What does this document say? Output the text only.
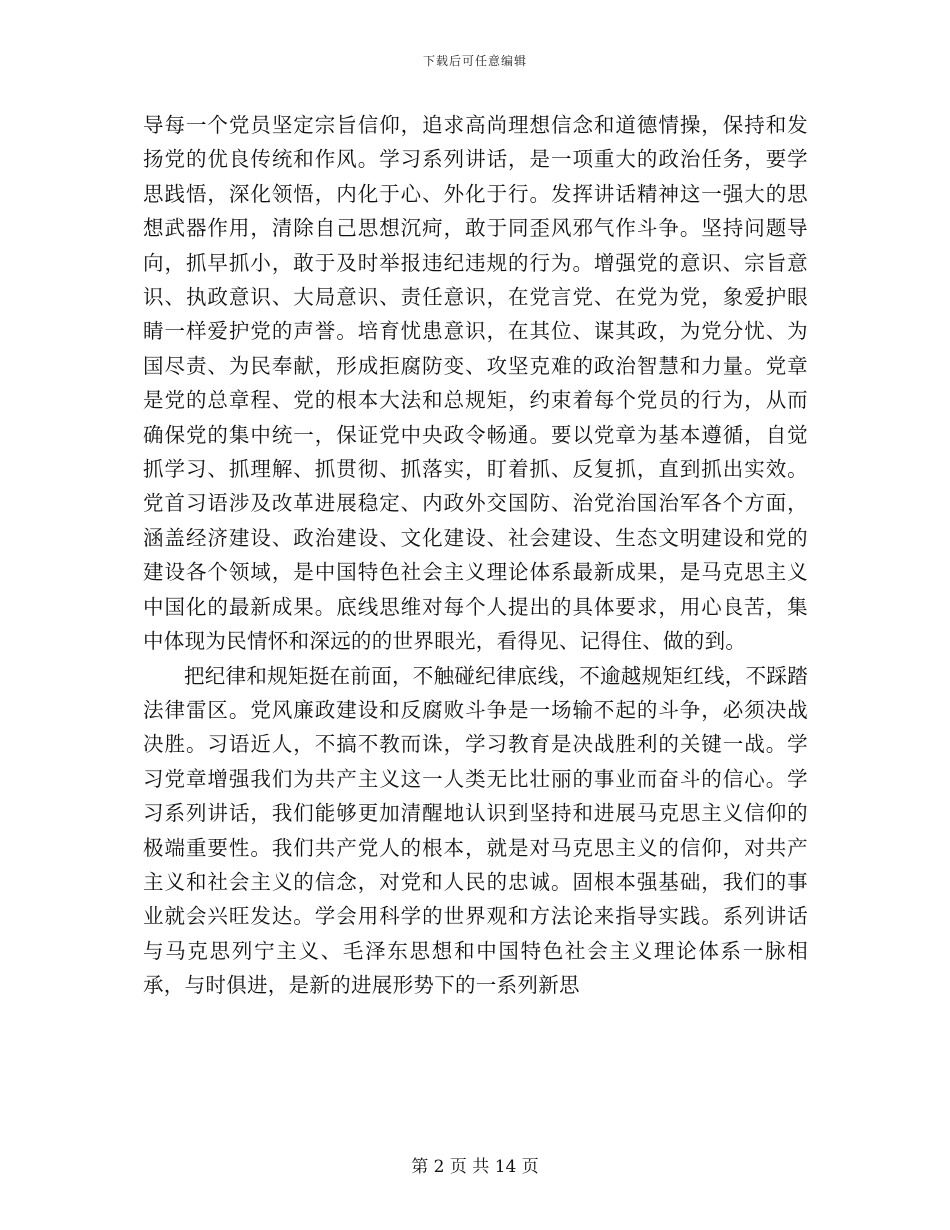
下载后可任意编辑

导每一个党员坚定宗旨信仰，追求高尚理想信念和道德情操，保持和发扬党的优良传统和作风。学习系列讲话，是一项重大的政治任务，要学思践悟，深化领悟，内化于心、外化于行。发挥讲话精神这一强大的思想武器作用，清除自己思想沉疴，敢于同歪风邪气作斗争。坚持问题导向，抓早抓小，敢于及时举报违纪违规的行为。增强党的意识、宗旨意识、执政意识、大局意识、责任意识，在党言党、在党为党，象爱护眼睛一样爱护党的声誉。培育忧患意识，在其位、谋其政，为党分忧、为国尽责、为民奉献，形成拒腐防变、攻坚克难的政治智慧和力量。党章是党的总章程、党的根本大法和总规矩，约束着每个党员的行为，从而确保党的集中统一，保证党中央政令畅通。要以党章为基本遵循，自觉抓学习、抓理解、抓贯彻、抓落实，盯着抓、反复抓，直到抓出实效。党首习语涉及改革进展稳定、内政外交国防、治党治国治军各个方面，涵盖经济建设、政治建设、文化建设、社会建设、生态文明建设和党的建设各个领域，是中国特色社会主义理论体系最新成果，是马克思主义中国化的最新成果。底线思维对每个人提出的具体要求，用心良苦，集中体现为民情怀和深远的的世界眼光，看得见、记得住、做的到。

把纪律和规矩挺在前面，不触碰纪律底线，不逾越规矩红线，不踩踏法律雷区。党风廉政建设和反腐败斗争是一场输不起的斗争，必须决战决胜。习语近人，不搞不教而诛，学习教育是决战胜利的关键一战。学习党章增强我们为共产主义这一人类无比壮丽的事业而奋斗的信心。学习系列讲话，我们能够更加清醒地认识到坚持和进展马克思主义信仰的极端重要性。我们共产党人的根本，就是对马克思主义的信仰，对共产主义和社会主义的信念，对党和人民的忠诚。固根本强基础，我们的事业就会兴旺发达。学会用科学的世界观和方法论来指导实践。系列讲话与马克思列宁主义、毛泽东思想和中国特色社会主义理论体系一脉相承，与时俱进，是新的进展形势下的一系列新思

第 2 页 共 14 页
